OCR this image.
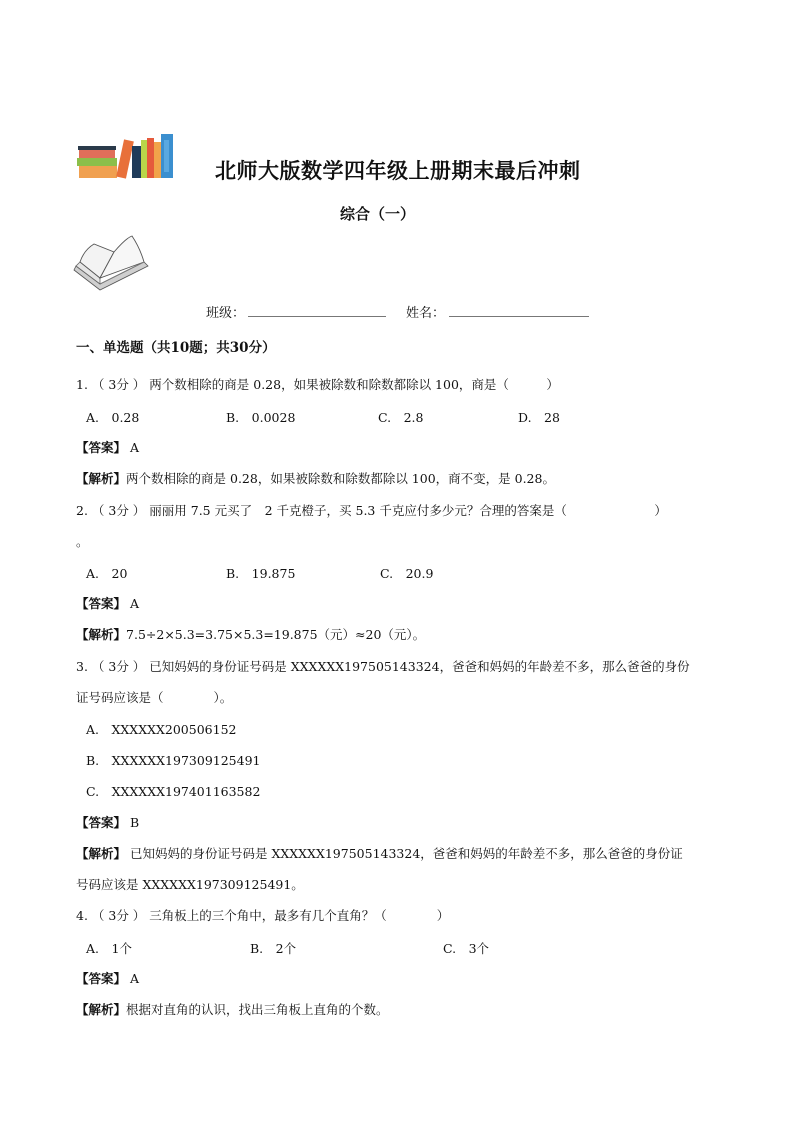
北师大版数学四年级上册期末最后冲刺
综合（一）
班级：	姓名：
一、单选题（共10题；共30分）
1. （ 3分 ） 两个数相除的商是 0.28，如果被除数和除数都除以 100，商是（　　　）
A.　0.28	B.　0.0028	C.　2.8	D.　28
【答案】 A
【解析】两个数相除的商是 0.28，如果被除数和除数都除以 100，商不变，是 0.28。
2. （ 3分 ） 丽丽用 7.5 元买了　2 千克橙子，买 5.3 千克应付多少元？合理的答案是（　　　　　　　）
。
A.　20	B.　19.875	C.　20.9
【答案】 A
【解析】7.5÷2×5.3=3.75×5.3=19.875（元）≈20（元）。
3. （ 3分 ） 已知妈妈的身份证号码是 XXXXXX197505143324，爸爸和妈妈的年龄差不多，那么爸爸的身份
证号码应该是（　　　　）。
A.　XXXXXX200506152
B.　XXXXXX197309125491
C.　XXXXXX197401163582
【答案】 B
【解析】 已知妈妈的身份证号码是 XXXXXX197505143324，爸爸和妈妈的年龄差不多，那么爸爸的身份证
号码应该是 XXXXXX197309125491。
4. （ 3分 ） 三角板上的三个角中，最多有几个直角？（　　　　）
A.　1个	B.　2个	C.　3个
【答案】 A
【解析】根据对直角的认识，找出三角板上直角的个数。
